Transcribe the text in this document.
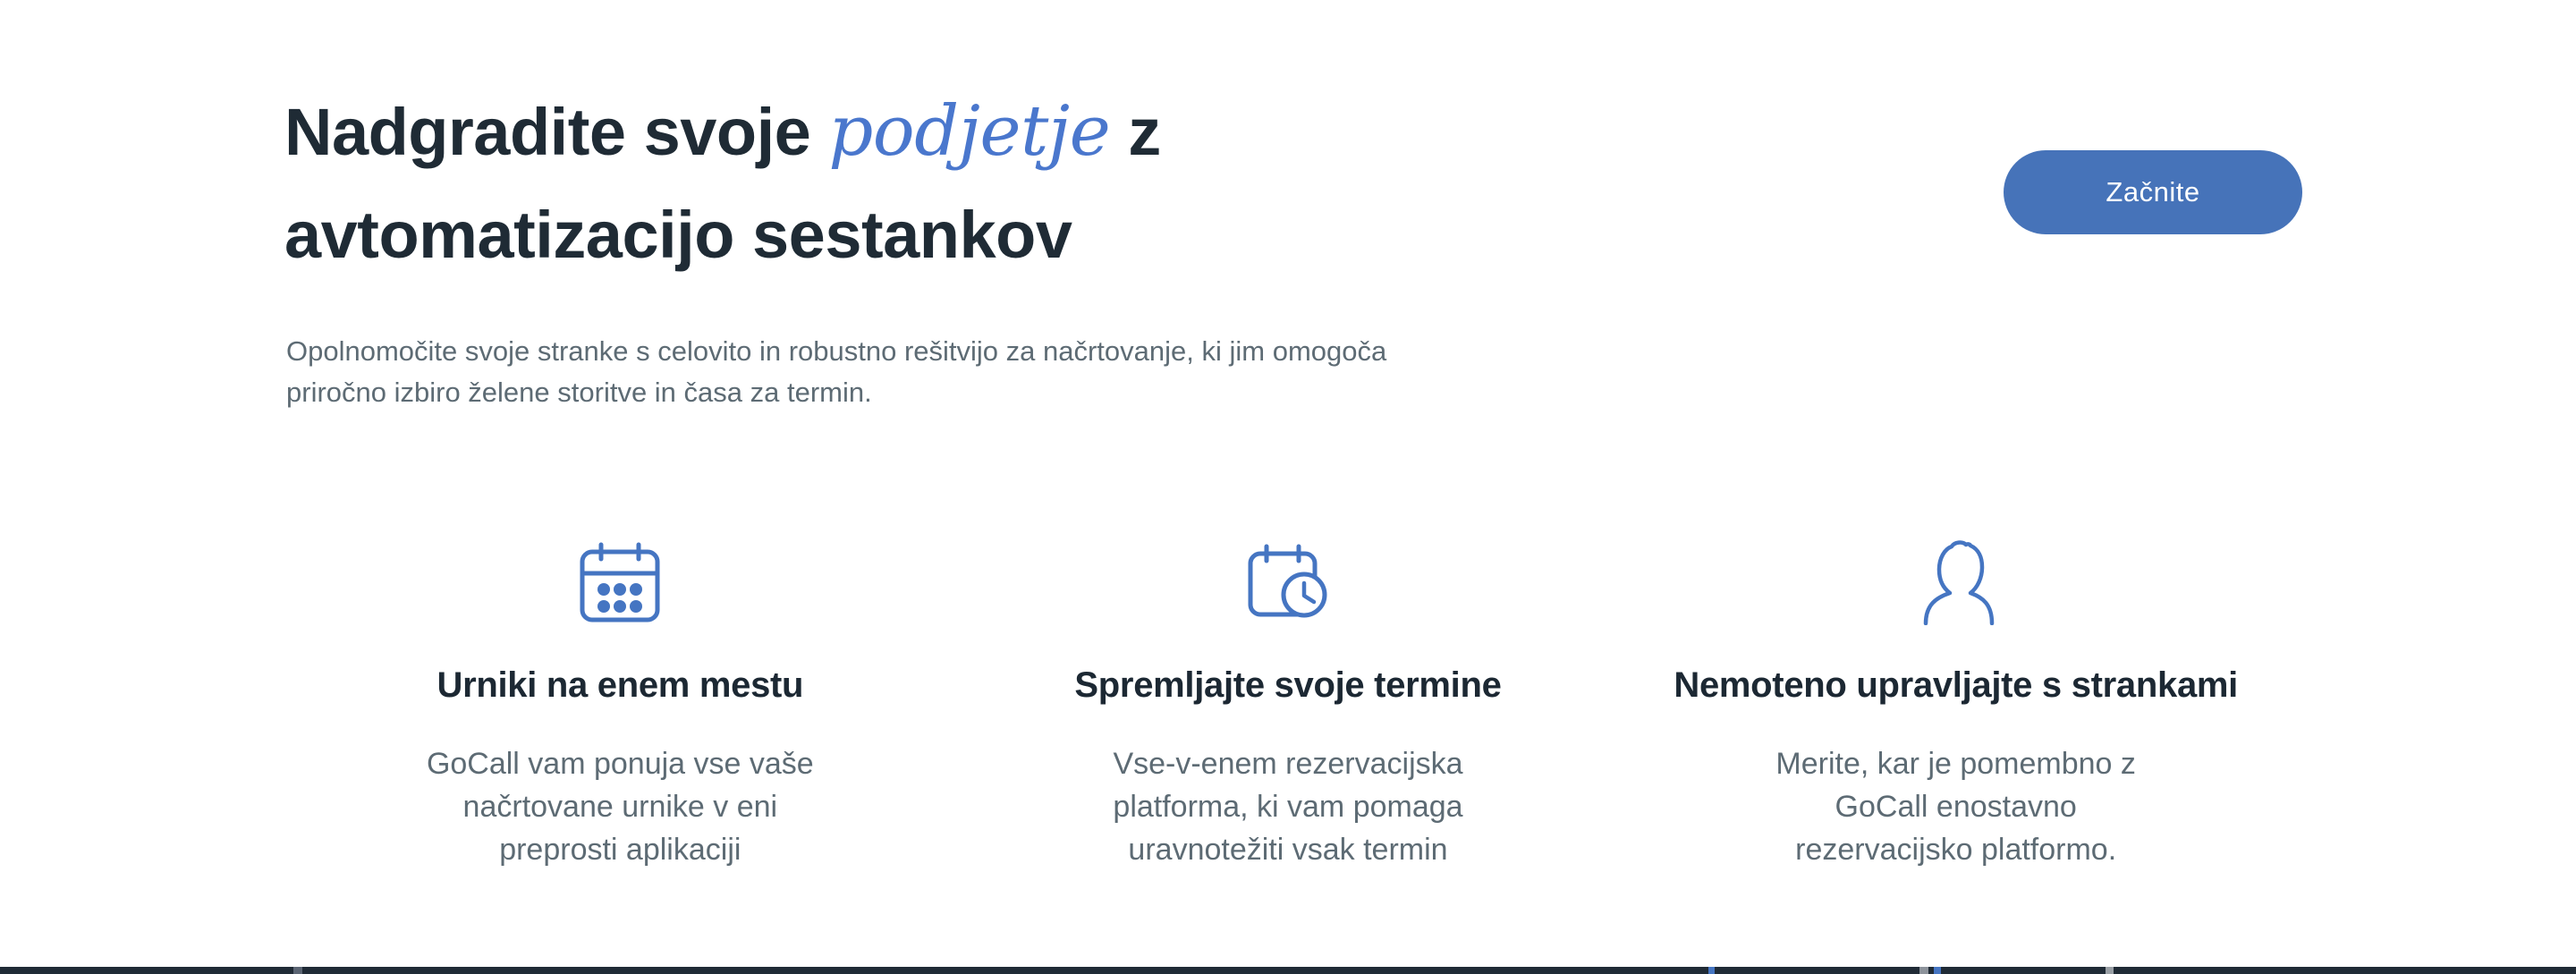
Nadgradite svoje podjetje z avtomatizacijo sestankov

Opolnomočite svoje stranke s celovito in robustno rešitvijo za načrtovanje, ki jim omogoča priročno izbiro želene storitve in časa za termin.

Začnite
Urniki na enem mestu

GoCall vam ponuja vse vaše načrtovane urnike v eni preprosti aplikaciji

Spremljajte svoje termine

Vse-v-enem rezervacijska platforma, ki vam pomaga uravnotežiti vsak termin

Nemoteno upravljajte s strankami

Merite, kar je pomembno z GoCall enostavno rezervacijsko platformo.
